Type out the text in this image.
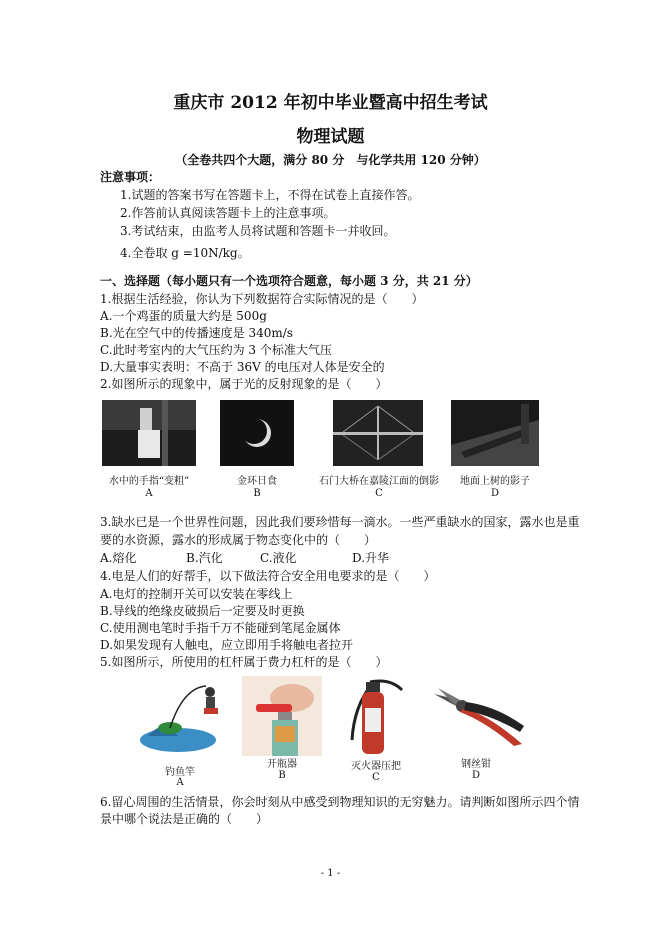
重庆市 2012 年初中毕业暨高中招生考试
物理试题
（全卷共四个大题，满分 80 分　与化学共用 120 分钟）
注意事项：
1.试题的答案书写在答题卡上，不得在试卷上直接作答。
2.作答前认真阅读答题卡上的注意事项。
3.考试结束，由监考人员将试题和答题卡一并收回。
4.全卷取 g =10N/kg。
一、选择题（每小题只有一个选项符合题意，每小题 3 分，共 21 分）
1.根据生活经验，你认为下列数据符合实际情况的是（　　）
A.一个鸡蛋的质量大约是 500g
B.光在空气中的传播速度是 340m/s
C.此时考室内的大气压约为 3 个标准大气压
D.大量事实表明：不高于 36V 的电压对人体是安全的
2.如图所示的现象中，属于光的反射现象的是（　　）
水中的手指“变粗”
A
金环日食
B
石门大桥在嘉陵江面的倒影
C
地面上树的影子
D
3.缺水已是一个世界性问题，因此我们要珍惜每一滴水。一些严重缺水的国家，露水也是重
要的水资源，露水的形成属于物态变化中的（　　）
A.熔化	B.汽化	C.液化	D.升华
4.电是人们的好帮手，以下做法符合安全用电要求的是（　　）
A.电灯的控制开关可以安装在零线上
B.导线的绝缘皮破损后一定要及时更换
C.使用测电笔时手指千万不能碰到笔尾金属体
D.如果发现有人触电，应立即用手将触电者拉开
5.如图所示，所使用的杠杆属于费力杠杆的是（　　）
钓鱼竿
A
开瓶器
B
灭火器压把
C
钢丝钳
D
6.留心周围的生活情景，你会时刻从中感受到物理知识的无穷魅力。请判断如图所示四个情
景中哪个说法是正确的（　　）
- 1 -
